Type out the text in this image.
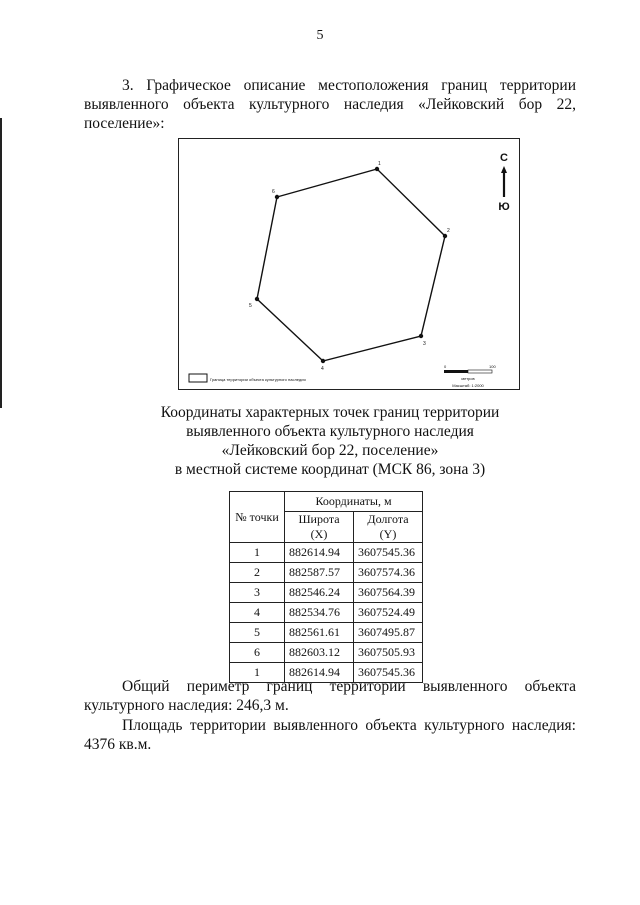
5
3. Графическое описание местоположения границ территории выявленного объекта культурного наследия «Лейковский бор 22, поселение»:
1
2
3
4
5
6
С
Ю
0	100
метров
Масштаб: 1:2000
Граница территории объекта культурного наследия
Координаты характерных точек границ территории
выявленного объекта культурного наследия
«Лейковский бор 22, поселение»
в местной системе координат (МСК 86, зона 3)
№ точки	Координаты, м	
	Широта (X)	Долгота (Y)
1	882614.94	3607545.36
2	882587.57	3607574.36
3	882546.24	3607564.39
4	882534.76	3607524.49
5	882561.61	3607495.87
6	882603.12	3607505.93
1	882614.94	3607545.36
Общий периметр границ территории выявленного объекта культурного наследия: 246,3 м.
Площадь территории выявленного объекта культурного наследия: 4376 кв.м.
